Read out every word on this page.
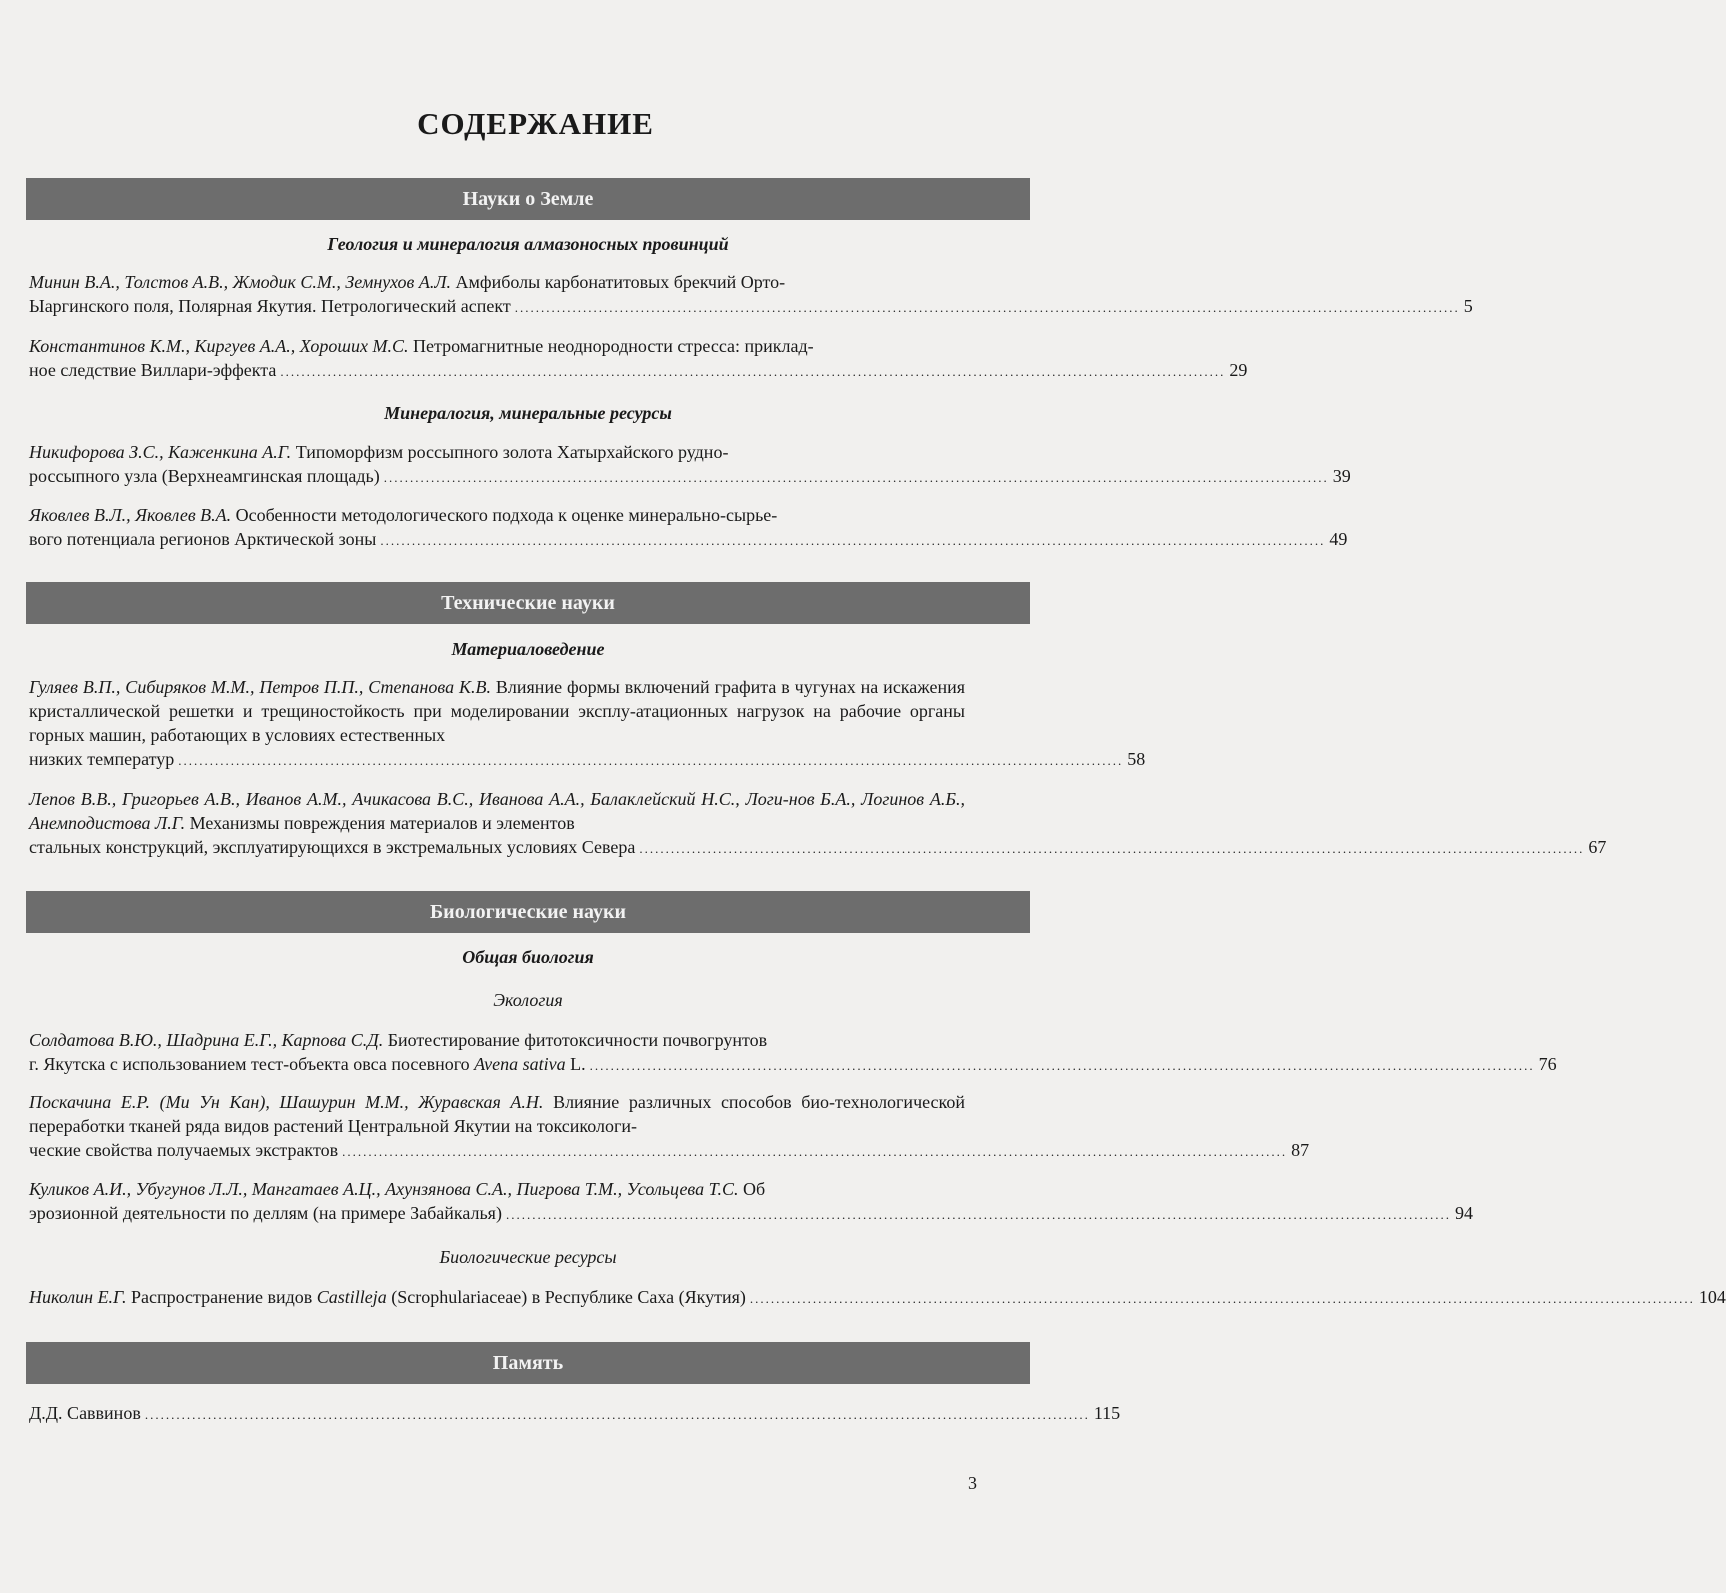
СОДЕРЖАНИЕ
Науки о Земле
Геология и минералогия алмазоносных провинций
Минин В.А., Толстов А.В., Жмодик С.М., Земнухов А.Л. Амфиболы карбонатитовых брекчий Орто-
Ыаргинского поля, Полярная Якутия. Петрологический аспект .................................................................................................................................................................................... 5
Константинов К.М., Киргуев А.А., Хороших М.С. Петромагнитные неоднородности стресса: приклад-
ное следствие Виллари-эффекта .................................................................................................................................................................................... 29
Минералогия, минеральные ресурсы
Никифорова З.С., Каженкина А.Г. Типоморфизм россыпного золота Хатырхайского рудно-
россыпного узла (Верхнеамгинская площадь) .................................................................................................................................................................................... 39
Яковлев В.Л., Яковлев В.А. Особенности методологического подхода к оценке минерально-сырье-
вого потенциала регионов Арктической зоны .................................................................................................................................................................................... 49
Технические науки
Материаловедение
Гуляев В.П., Сибиряков М.М., Петров П.П., Степанова К.В. Влияние формы включений графита в чугунах на искажения кристаллической решетки и трещиностойкость при моделировании эксплу-атационных нагрузок на рабочие органы горных машин, работающих в условиях естественных
низких температур .................................................................................................................................................................................... 58
Лепов В.В., Григорьев А.В., Иванов А.М., Ачикасова В.С., Иванова А.А., Балаклейский Н.С., Логи-нов Б.А., Логинов А.Б., Анемподистова Л.Г. Механизмы повреждения материалов и элементов
стальных конструкций, эксплуатирующихся в экстремальных условиях Севера .................................................................................................................................................................................... 67
Биологические науки
Общая биология
Экология
Солдатова В.Ю., Шадрина Е.Г., Карпова С.Д. Биотестирование фитотоксичности почвогрунтов
г. Якутска с использованием тест-объекта овса посевного Avena sativa L. .................................................................................................................................................................................... 76
Поскачина Е.Р. (Ми Ун Кан), Шашурин М.М., Журавская А.Н. Влияние различных способов био-технологической переработки тканей ряда видов растений Центральной Якутии на токсикологи-
ческие свойства получаемых экстрактов .................................................................................................................................................................................... 87
Куликов А.И., Убугунов Л.Л., Мангатаев А.Ц., Ахунзянова С.А., Пигрова Т.М., Усольцева Т.С. Об
эрозионной деятельности по деллям (на примере Забайкалья) .................................................................................................................................................................................... 94
Биологические ресурсы
Николин Е.Г. Распространение видов Castilleja (Scrophulariaceae) в Республике Саха (Якутия) .................................................................................................................................................................................... 104
Память
Д.Д. Саввинов .................................................................................................................................................................................... 115
3
